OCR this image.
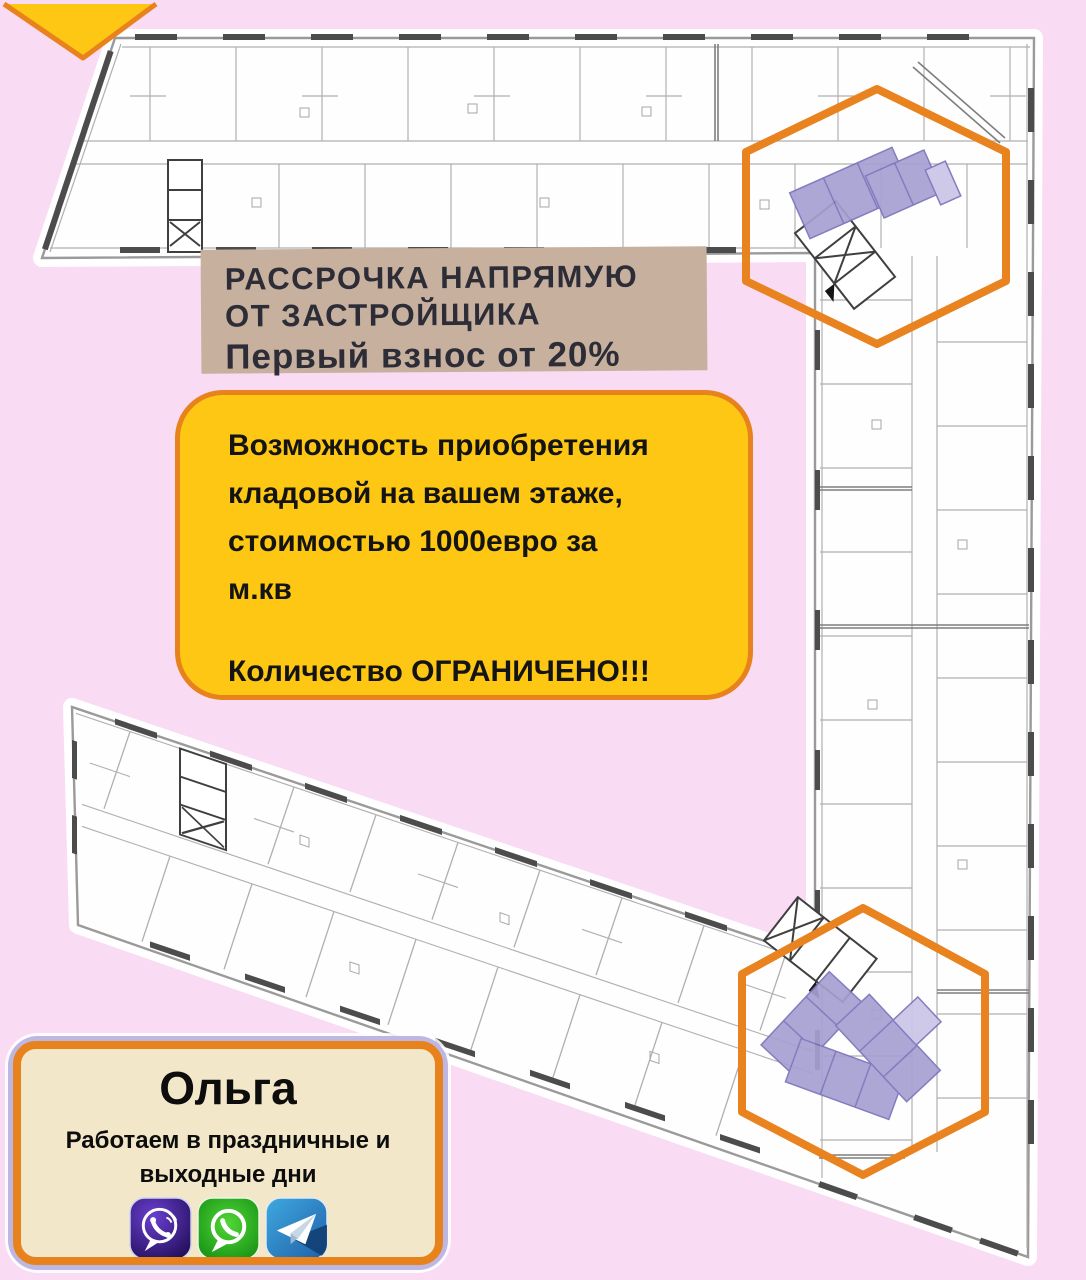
РАССРОЧКА НАПРЯМУЮ
ОТ ЗАСТРОЙЩИКА
Первый взнос от 20%
Возможность приобретения
кладовой на вашем этаже,
стоимостью 1000евро за
м.кв
Количество ОГРАНИЧЕНО!!!
Ольга
Работаем в праздничные и
выходные дни
